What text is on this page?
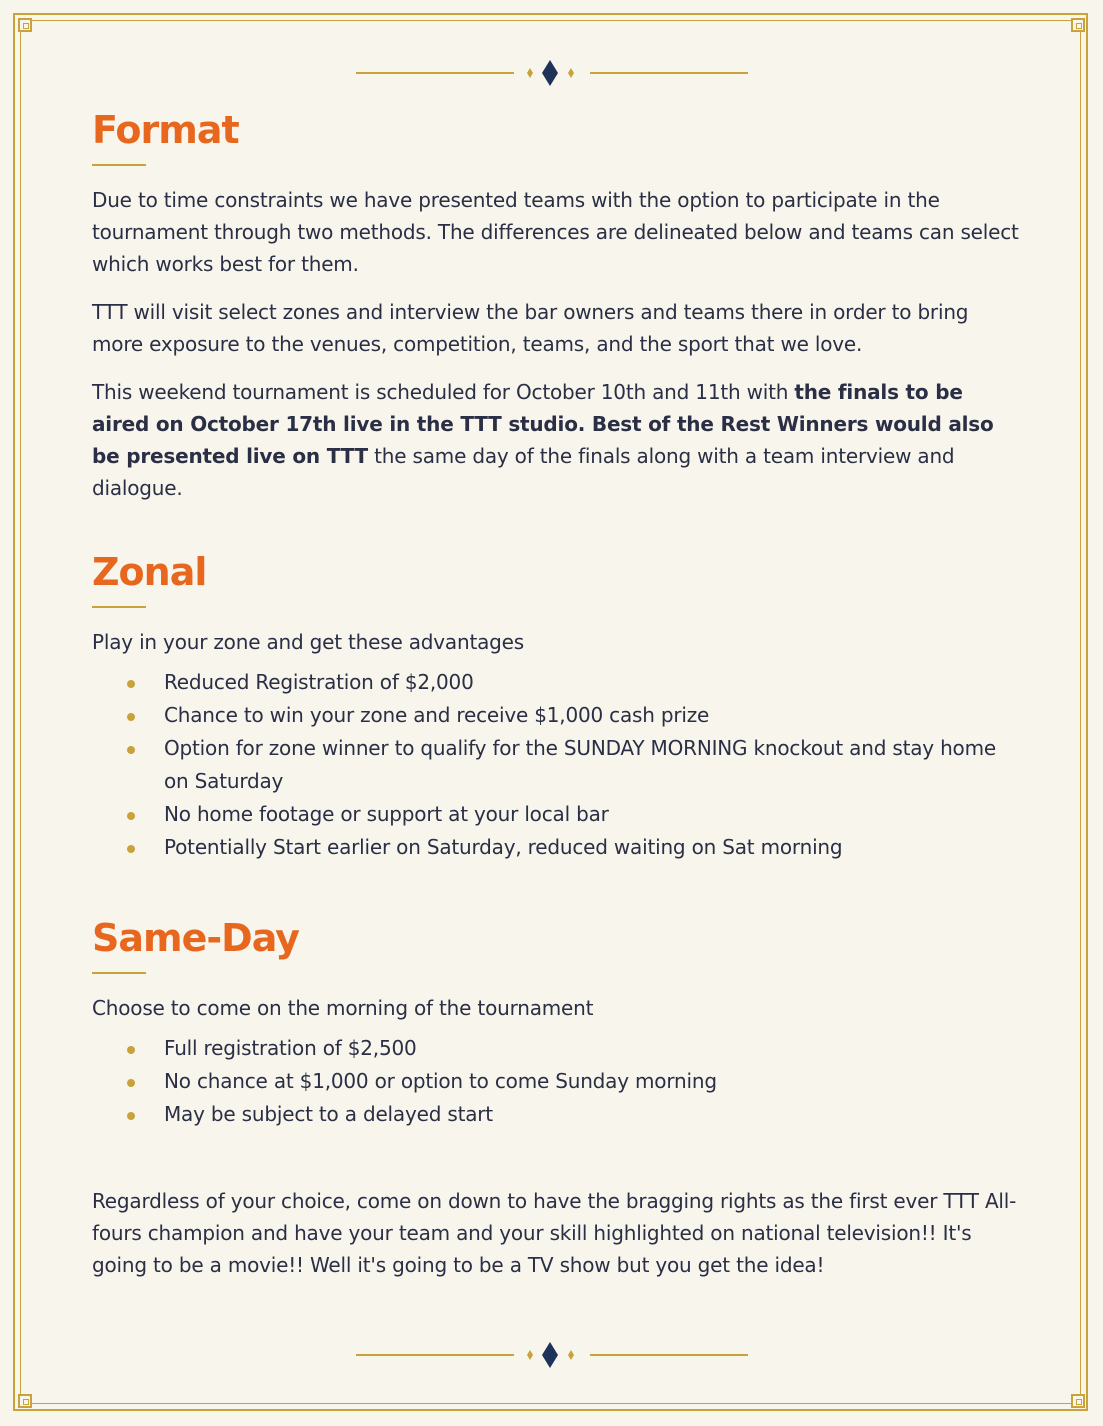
Format

Due to time constraints we have presented teams with the option to participate in the tournament through two methods. The differences are delineated below and teams can select which works best for them.

TTT will visit select zones and interview the bar owners and teams there in order to bring more exposure to the venues, competition, teams, and the sport that we love.

This weekend tournament is scheduled for October 10th and 11th with the finals to be aired on October 17th live in the TTT studio. Best of the Rest Winners would also be presented live on TTT the same day of the finals along with a team interview and dialogue.

Zonal

Play in your zone and get these advantages

Reduced Registration of $2,000
Chance to win your zone and receive $1,000 cash prize
Option for zone winner to qualify for the SUNDAY MORNING knockout and stay home on Saturday
No home footage or support at your local bar
Potentially Start earlier on Saturday, reduced waiting on Sat morning
Same-Day

Choose to come on the morning of the tournament

Full registration of $2,500
No chance at $1,000 or option to come Sunday morning
May be subject to a delayed start

Regardless of your choice, come on down to have the bragging rights as the first ever TTT All-fours champion and have your team and your skill highlighted on national television!! It's going to be a movie!! Well it's going to be a TV show but you get the idea!
